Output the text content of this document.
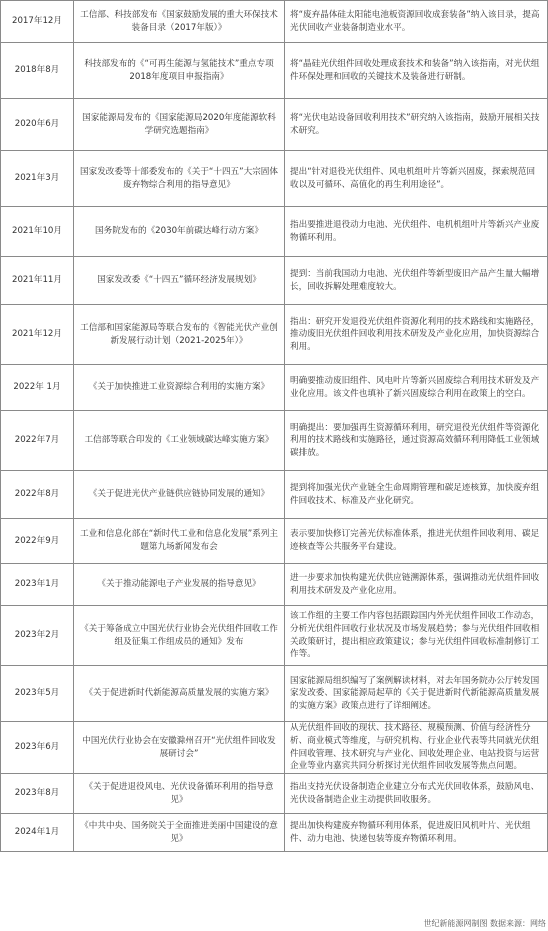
2017年12月	工信部、科技部发布《国家鼓励发展的重大环保技术装备目录（2017年版）》	将“废弃晶体硅太阳能电池板资源回收成套装备”纳入该目录，提高光伏回收产业装备制造业水平。
2018年8月	科技部发布的《“可再生能源与氢能技术”重点专项2018年度项目申报指南》	将“晶硅光伏组件回收处理成套技术和装备”纳入该指南，对光伏组件环保处理和回收的关键技术及装备进行研制。
2020年6月	国家能源局发布的《国家能源局2020年度能源软科学研究选题指南》	将“光伏电站设备回收利用技术”研究纳入该指南，鼓励开展相关技术研究。
2021年3月	国家发改委等十部委发布的《关于“十四五”大宗固体废弃物综合利用的指导意见》	提出“针对退役光伏组件、风电机组叶片等新兴固废，探索规范回收以及可循环、高值化的再生利用途径”。
2021年10月	国务院发布的《2030年前碳达峰行动方案》	指出要推进退役动力电池、光伏组件、电机机组叶片等新兴产业废物循环利用。
2021年11月	国家发改委《“十四五”循环经济发展规划》	提到：当前我国动力电池、光伏组件等新型废旧产品产生量大幅增长，回收拆解处理难度较大。
2021年12月	工信部和国家能源局等联合发布的《智能光伏产业创新发展行动计划（2021-2025年）》	指出：研究开发退役光伏组件资源化利用的技术路线和实施路径，推动废旧光伏组件回收利用技术研发及产业化应用，加快资源综合利用。
2022年 1月	《关于加快推进工业资源综合利用的实施方案》	明确要推动废旧组件、风电叶片等新兴固废综合利用技术研发及产业化应用。该文件也填补了新兴固废综合利用在政策上的空白。
2022年7月	工信部等联合印发的《工业领域碳达峰实施方案》	明确提出：要加强再生资源循环利用，研究退役光伏组件等资源化利用的技术路线和实施路径，通过资源高效循环利用降低工业领域碳排放。
2022年8月	《关于促进光伏产业链供应链协同发展的通知》	提到将加强光伏产业链全生命周期管理和碳足迹核算，加快废弃组件回收技术、标准及产业化研究。
2022年9月	工业和信息化部在“新时代工业和信息化发展”系列主题第九场新闻发布会	表示要加快修订完善光伏标准体系，推进光伏组件回收利用、碳足迹核查等公共服务平台建设。
2023年1月	《关于推动能源电子产业发展的指导意见》	进一步要求加快构建光伏供应链溯源体系，强调推动光伏组件回收利用技术研发及产业化应用。
2023年2月	《关于筹备成立中国光伏行业协会光伏组件回收工作组及征集工作组成员的通知》发布	该工作组的主要工作内容包括跟踪国内外光伏组件回收工作动态，分析光伏组件回收行业状况及市场发展趋势；参与光伏组件回收相关政策研讨，提出相应政策建议；参与光伏组件回收标准制修订工作等。
2023年5月	《关于促进新时代新能源高质量发展的实施方案》	国家能源局组织编写了案例解读材料，对去年国务院办公厅转发国家发改委、国家能源局起草的《关于促进新时代新能源高质量发展的实施方案》政策点进行了详细阐述。
2023年6月	中国光伏行业协会在安徽滁州召开“光伏组件回收发展研讨会”	从光伏组件回收的现状、技术路径、规模预测、价值与经济性分析、商业模式等维度，与研究机构、行业企业代表等共同就光伏组件回收管理、技术研究与产业化、回收处理企业、电站投资与运营企业等业内嘉宾共同分析探讨光伏组件回收发展等焦点问题。
2023年8月	《关于促进退役风电、光伏设备循环利用的指导意见》	指出支持光伏设备制造企业建立分布式光伏回收体系，鼓励风电、光伏设备制造企业主动提供回收服务。
2024年1月	《中共中央、国务院关于全面推进美丽中国建设的意见》	提出加快构建废弃物循环利用体系，促进废旧风机叶片、光伏组件、动力电池、快递包装等废弃物循环利用。
世纪新能源网制图 数据来源：网络
